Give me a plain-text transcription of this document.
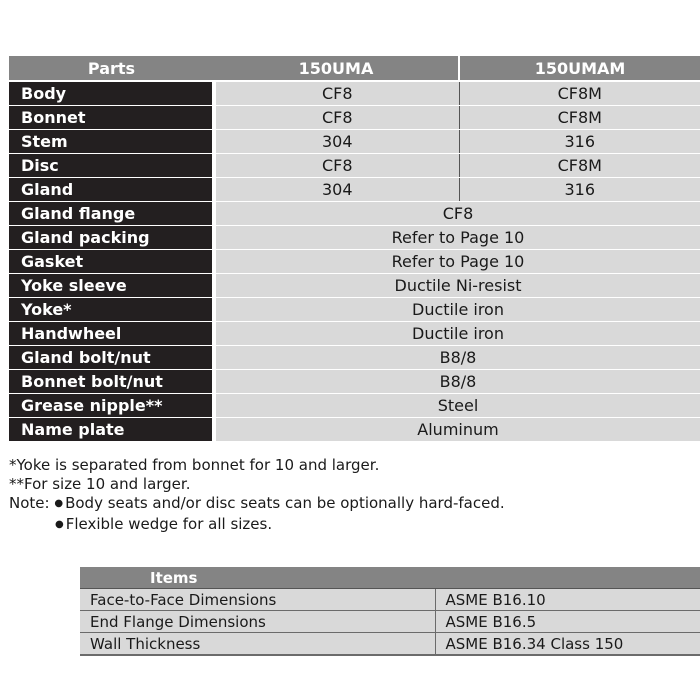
Parts	150UMA	150UMAM
Body	CF8	CF8M
Bonnet	CF8	CF8M
Stem	304	316
Disc	CF8	CF8M
Gland	304	316
Gland flange	CF8	
Gland packing	Refer to Page 10	
Gasket	Refer to Page 10	
Yoke sleeve	Ductile Ni-resist	
Yoke*	Ductile iron	
Handwheel	Ductile iron	
Gland bolt/nut	B8/8	
Bonnet bolt/nut	B8/8	
Grease nipple**	Steel	
Name plate	Aluminum	
*Yoke is separated from bonnet for 10 and larger.
**For size 10 and larger.
Note: ● Body seats and/or disc seats can be optionally hard-faced.
● Flexible wedge for all sizes.
Items	
Face-to-Face Dimensions	ASME B16.10
End Flange Dimensions	ASME B16.5
Wall Thickness	ASME B16.34 Class 150
